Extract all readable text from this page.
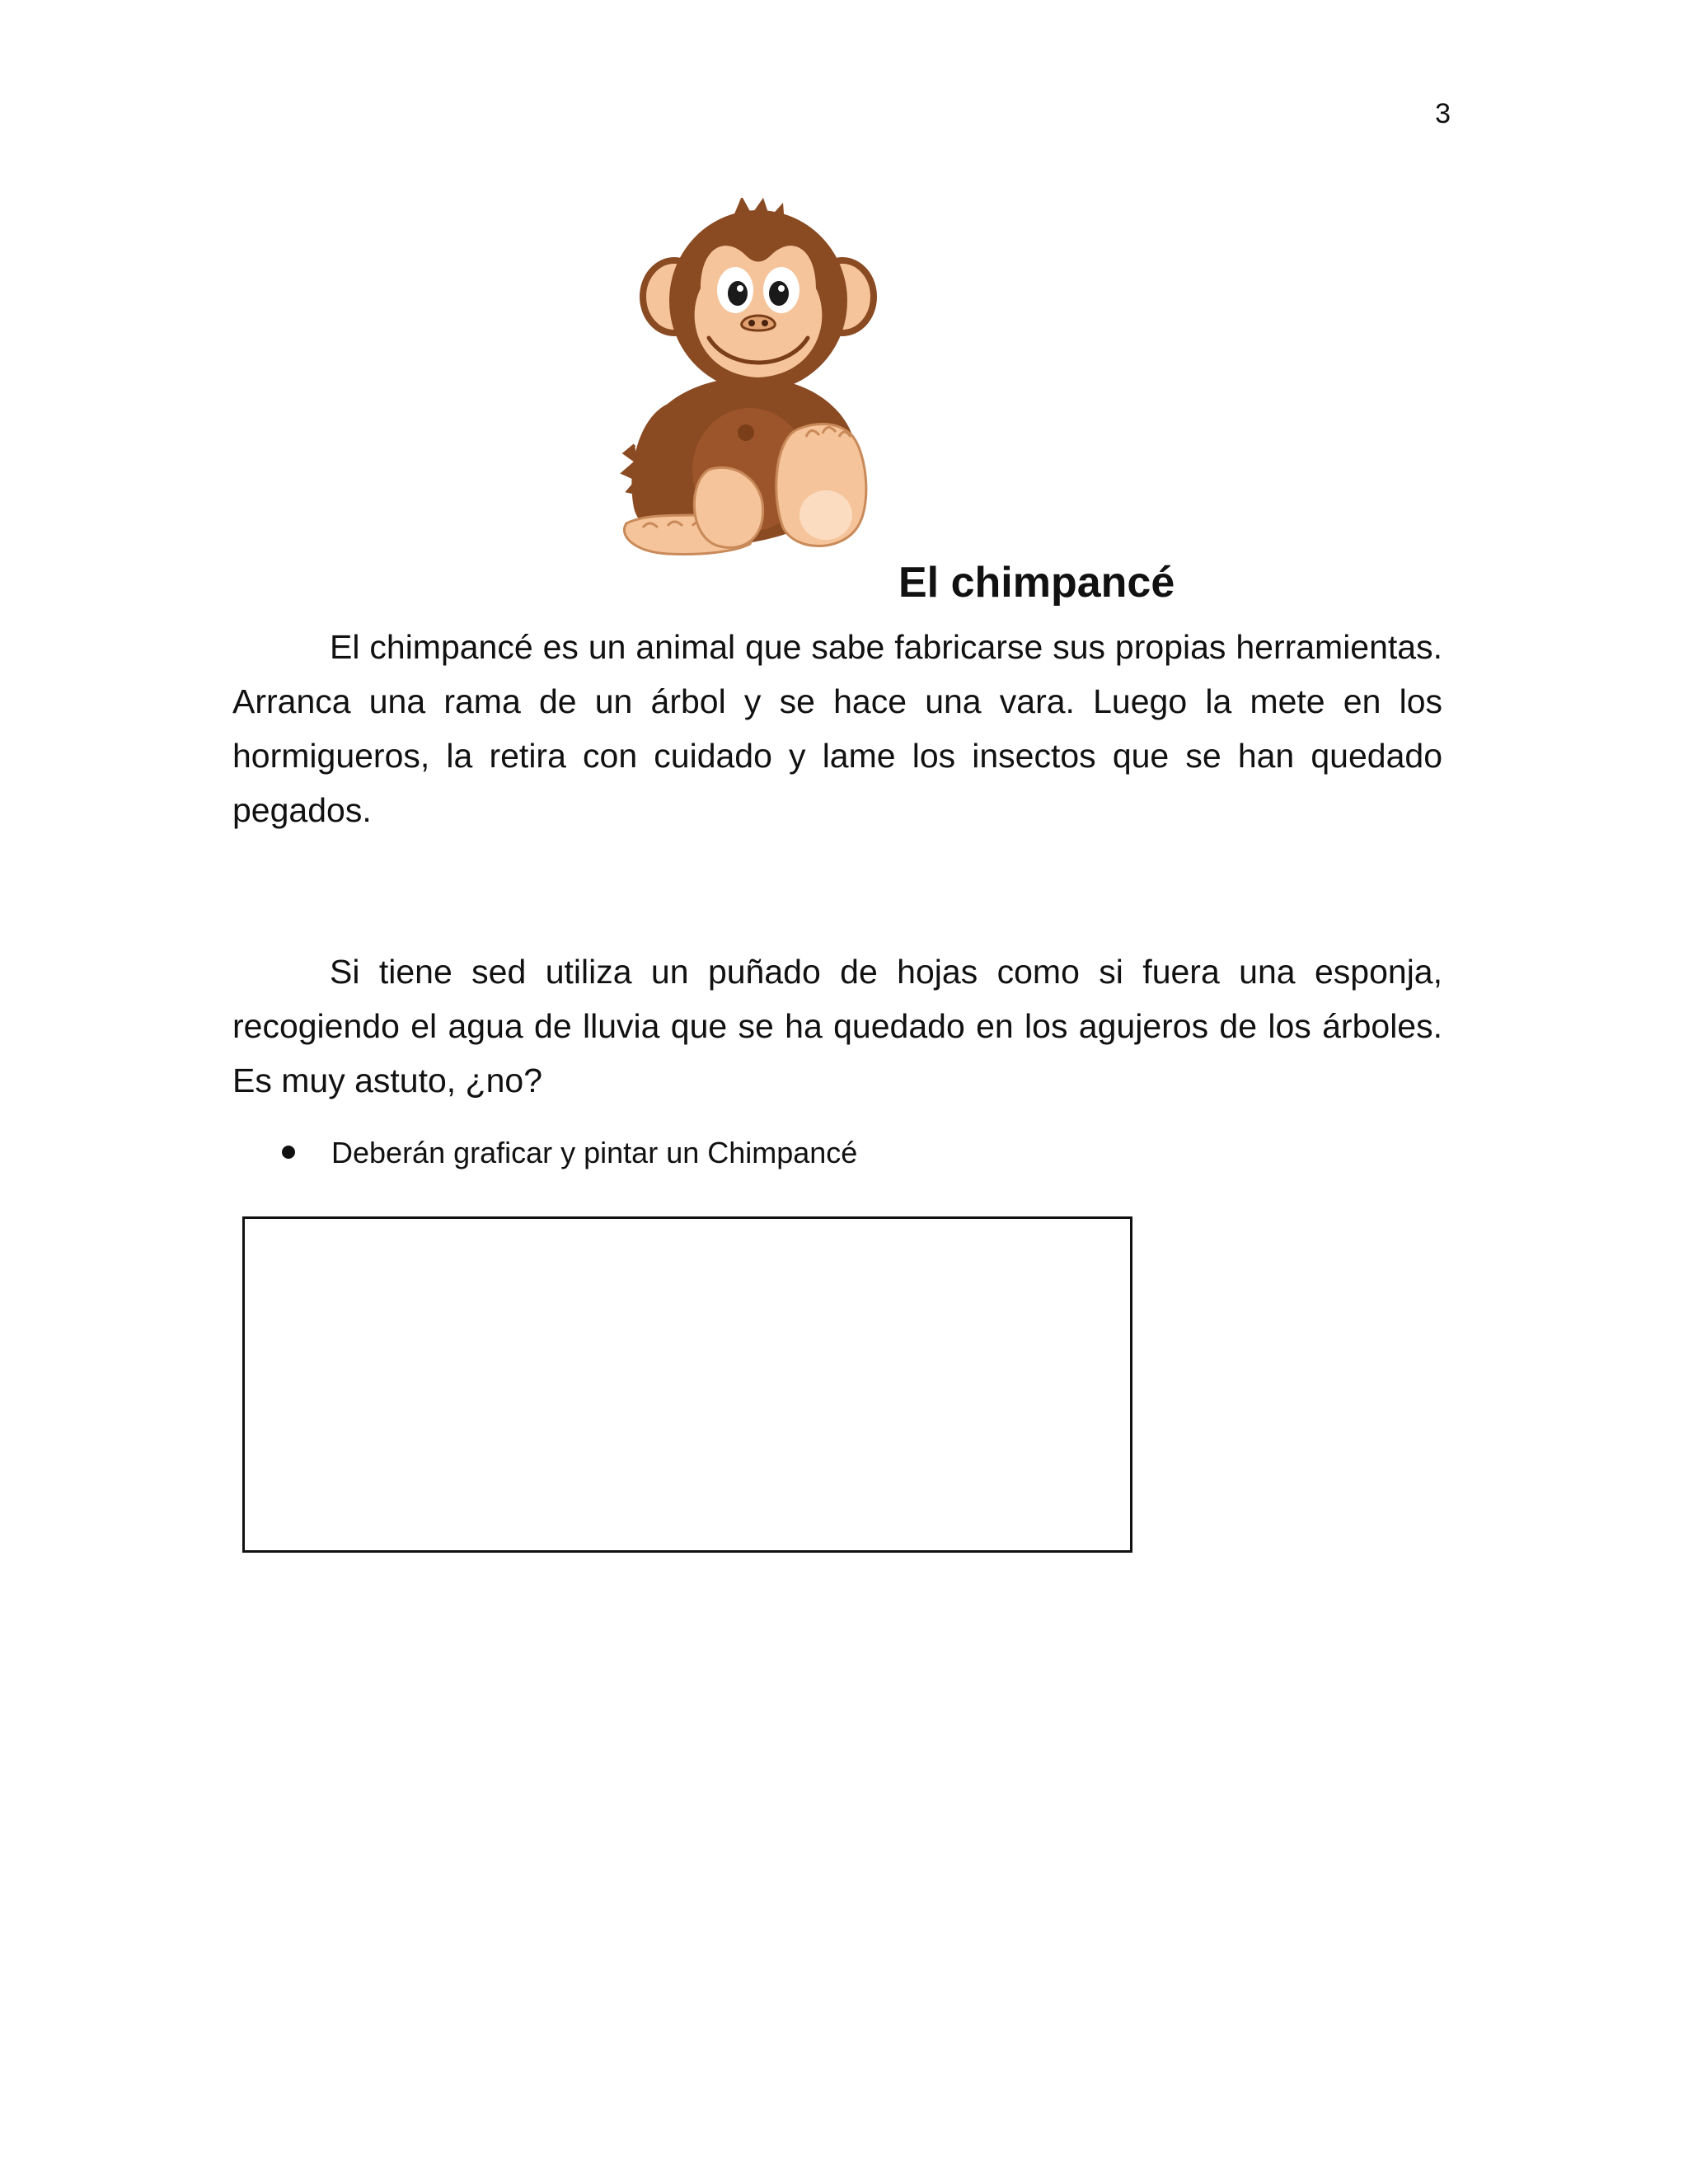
3
El chimpancé

El chimpancé es un animal que sabe fabricarse sus propias herramientas. Arranca una rama de un árbol y se hace una vara. Luego la mete en los hormigueros, la retira con cuidado y lame los insectos que se han quedado pegados.

Si tiene sed utiliza un puñado de hojas como si fuera una esponja, recogiendo el agua de lluvia que se ha quedado en los agujeros de los árboles. Es muy astuto, ¿no?

Deberán graficar y pintar un Chimpancé
